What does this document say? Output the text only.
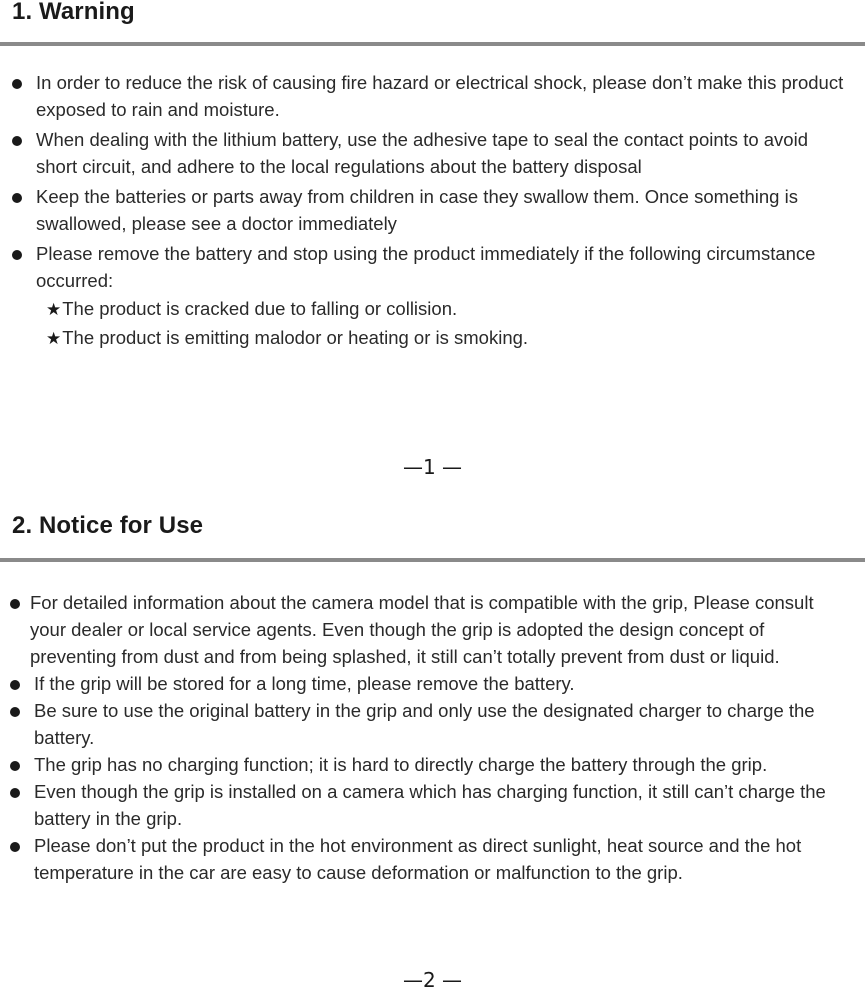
1. Warning
In order to reduce the risk of causing fire hazard or electrical shock, please don’t make this product exposed to rain and moisture.
When dealing with the lithium battery, use the adhesive tape to seal the contact points to avoid short circuit, and adhere to the local regulations about the battery disposal
Keep the batteries or parts away from children in case they swallow them. Once something is swallowed, please see a doctor immediately
Please remove the battery and stop using the product immediately if the following circumstance occurred:
★The product is cracked due to falling or collision.
★The product is emitting malodor or heating or is smoking.
—1 —
2. Notice for Use
For detailed information about the camera model that is compatible with the grip, Please consult your dealer or local service agents. Even though the grip is adopted the design concept of preventing from dust and from being splashed, it still can’t totally prevent from dust or liquid.
If the grip will be stored for a long time, please remove the battery.
Be sure to use the original battery in the grip and only use the designated charger to charge the battery.
The grip has no charging function; it is hard to directly charge the battery through the grip.
Even though the grip is installed on a camera which has charging function, it still can’t charge the battery in the grip.
Please don’t put the product in the hot environment as direct sunlight, heat source and the hot temperature in the car are easy to cause deformation or malfunction to the grip.
—2 —
